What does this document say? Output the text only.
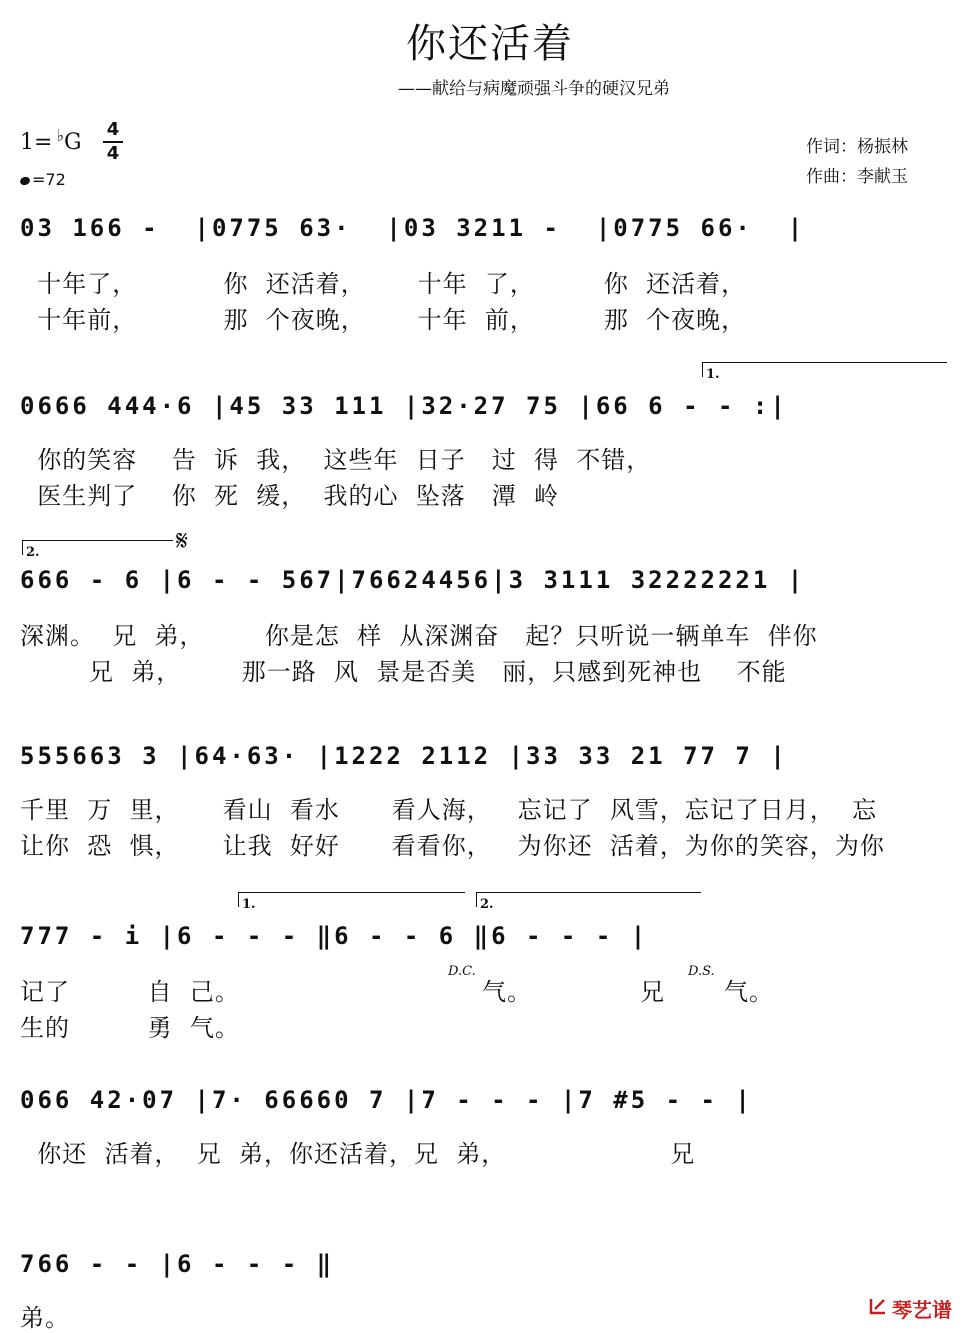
你还活着
——献给与病魔顽强斗争的硬汉兄弟
1= ♭G
4
4
=72
作词：杨振林
作曲：李献玉
03 166 -  |0775 63·  |03 3211 -  |0775 66·  |
十年了，          你  还活着，      十年  了，        你  还活着，
十年前，          那  个夜晚，      十年  前，        那  个夜晚，
1.
0666 444·6 |45 33 111 |32·27 75 |66 6 - - :|
你的笑容    告  诉  我，  这些年  日子   过  得  不错，
医生判了    你  死  缓，  我的心  坠落   潭  岭
2.	𝄋
666 - 6 |6 - - 567|76624456|3 3111 32222221 |
深渊。  兄  弟，       你是怎  样  从深渊奋   起？只听说一辆单车  伴你
兄  弟，       那一路  风  景是否美   丽，只感到死神也    不能
555663 3 |64·63· |1222 2112 |33 33 21 77 7 |
千里  万  里，     看山  看水      看人海，   忘记了  风雪，忘记了日月，  忘
让你  恐  惧，     让我  好好      看看你，   为你还  活着，为你的笑容，为你
1.	2.
777 - i |6 - - - ‖6 - - 6 ‖6 - - - |
记了         自  己。
D.C.
气。	兄
D.S.
气。
生的         勇  气。
066 42·07 |7· 66660 7 |7 - - - |7 #5 - - |
你还  活着，  兄  弟，你还活着，兄  弟，                   兄
766 - - |6 - - - ‖
弟。	琴艺谱
